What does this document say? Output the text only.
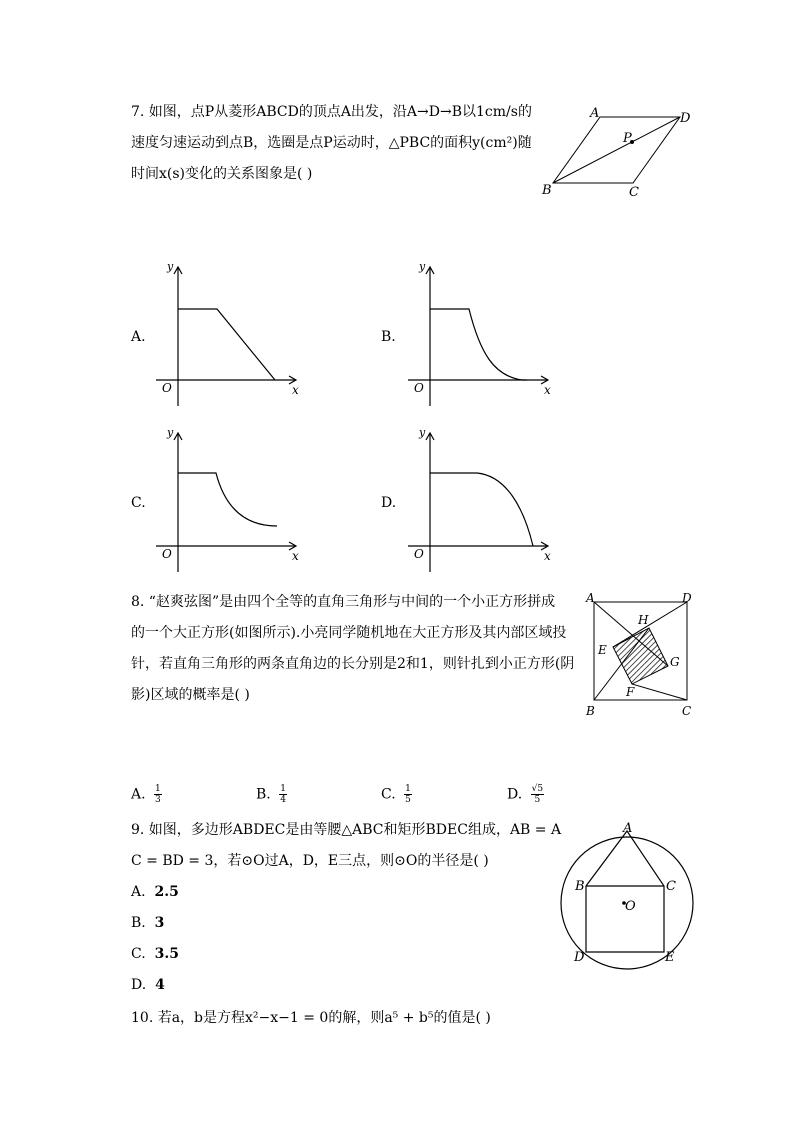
7. 如图，点P从菱形ABCD的顶点A出发，沿A→D→B以1cm/s的
速度匀速运动到点B，选圈是点P运动时，△PBC的面积y(cm²)随
时间x(s)变化的关系图象是( )
A	D
B	C
P
A.
y
x
O
B.
y
x
O
C.
y
x
O
D.
y
x
O
8. “赵爽弦图”是由四个全等的直角三角形与中间的一个小正方形拼成
的一个大正方形(如图所示).小亮同学随机地在大正方形及其内部区域投
针，若直角三角形的两条直角边的长分别是2和1，则针扎到小正方形(阴
影)区域的概率是( )
A	D
B	C
E
H
G
F
A. $\frac{1}{3}$	B. $\frac{1}{4}$	C. $\frac{1}{5}$	D. $\frac{√5}{5}$
9. 如图，多边形ABDEC是由等腰△ABC和矩形BDEC组成，AB = A
C = BD = 3，若⊙O过A，D，E三点，则⊙O的半径是( )
A. 2.5
B. 3
C. 3.5
D. 4
A
B	C
D	E
O
10. 若a，b是方程x²−x−1 = 0的解，则a⁵ + b⁵的值是( )
